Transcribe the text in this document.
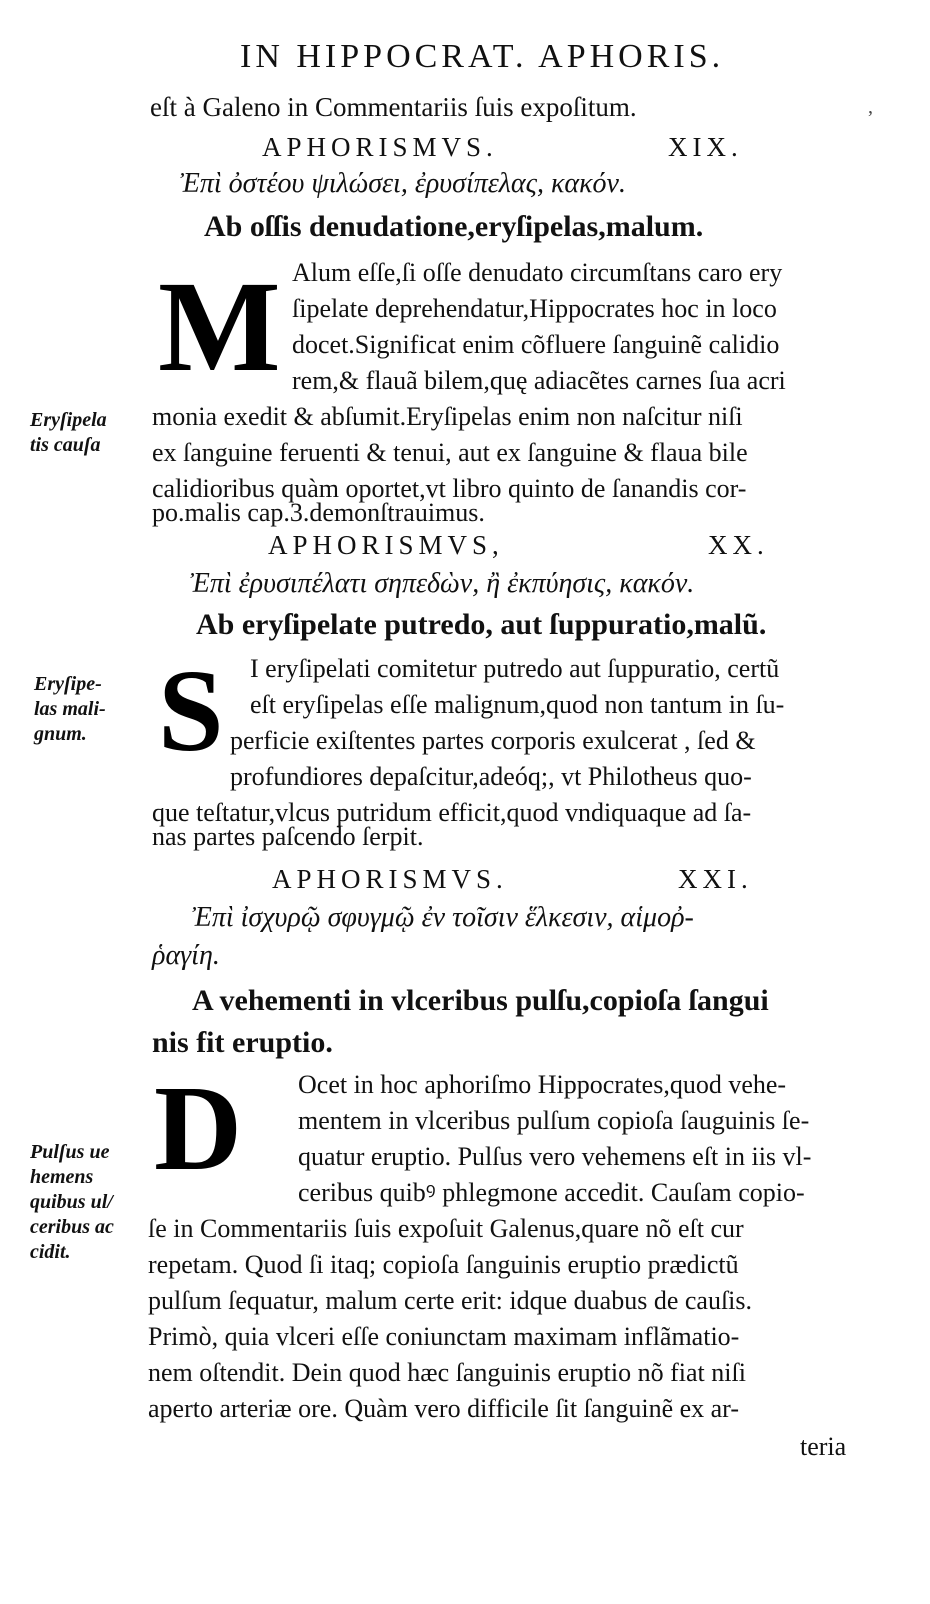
IN HIPPOCRAT. APHORIS.
eſt à Galeno in Commentariis ſuis expoſitum.	,
APHORISMVS.	XIX.
Ἐπὶ ὀστέου ψιλώσει, ἐρυσίπελας, κακόν.
Ab oſſis denudatione,eryſipelas,malum.
M Alum eſſe,ſi oſſe denudato circumſtans caro ery
ſipelate deprehendatur,Hippocrates hoc in loco
docet.Significat enim cõfluere ſanguinẽ calidio
rem,& flauã bilem,quę adiacẽtes carnes ſua acri
monia exedit & abſumit.Eryſipelas enim non naſcitur niſi
ex ſanguine feruenti & tenui, aut ex ſanguine & flaua bile
calidioribus quàm oportet,vt libro quinto de ſanandis cor-
po.malis cap.3.demonſtrauimus.
Eryſipela
tis cauſa
APHORISMVS,	XX.
Ἐπὶ ἐρυσιπέλατι σηπεδὼν, ἢ ἐκπύησις, κακόν.
Ab eryſipelate putredo, aut ſuppuratio,malũ.
S I eryſipelati comitetur putredo aut ſuppuratio, certũ
eſt eryſipelas eſſe malignum,quod non tantum in ſu-
perficie exiſtentes partes corporis exulcerat , ſed &
profundiores depaſcitur,adeóq;, vt Philotheus quo-
que teſtatur,vlcus putridum efficit,quod vndiquaque ad ſa-
nas partes paſcendo ſerpit.
Eryſipe-
las mali-
gnum.
APHORISMVS.	XXI.
Ἐπὶ ἰσχυρῷ σφυγμῷ ἐν τοῖσιν ἕλκεσιν, αἱμοῤ-
ῥαγίη.
A vehementi in vlceribus pulſu,copioſa ſangui
nis fit eruptio.
D Ocet in hoc aphoriſmo Hippocrates,quod vehe-
mentem in vlceribus pulſum copioſa ſauguinis ſe-
quatur eruptio. Pulſus vero vehemens eſt in iis vl-
ceribus quibꝰ phlegmone accedit. Cauſam copio-
ſe in Commentariis ſuis expoſuit Galenus,quare nõ eſt cur
repetam. Quod ſi itaq; copioſa ſanguinis eruptio prædictũ
pulſum ſequatur, malum certe erit: idque duabus de cauſis.
Primò, quia vlceri eſſe coniunctam maximam inflãmatio-
nem oſtendit. Dein quod hæc ſanguinis eruptio nõ fiat niſi
aperto arteriæ ore. Quàm vero difficile ſit ſanguinẽ ex ar-
teria
Pulſus ue
hemens
quibus ul/
ceribus ac
cidit.
